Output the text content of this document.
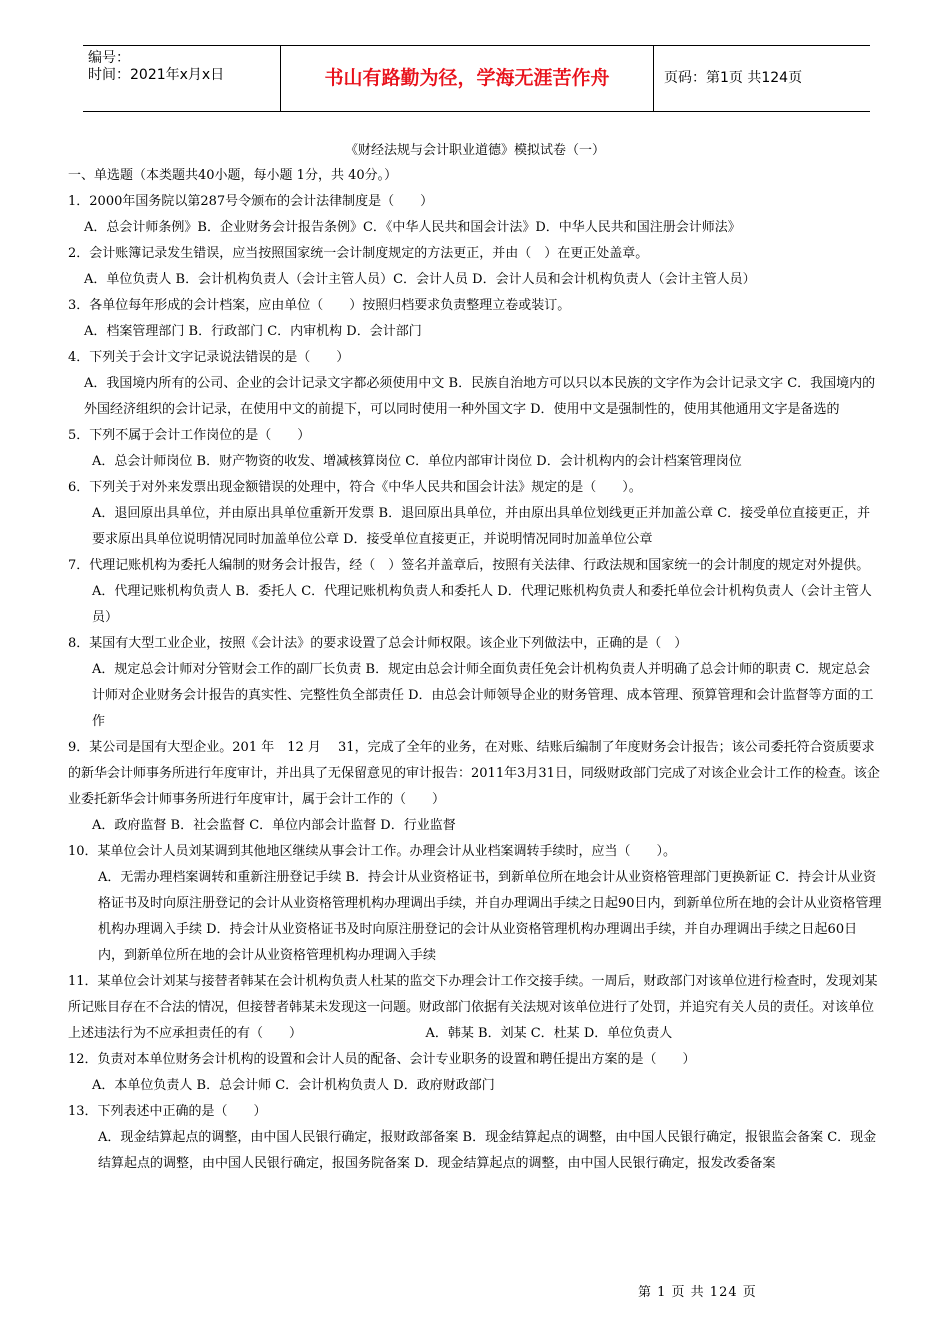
编号：
时间：2021年x月x日	书山有路勤为径，学海无涯苦作舟	页码：第1页 共124页
《财经法规与会计职业道德》模拟试卷（一）

一、单选题（本类题共40小题，每小题 1分，共 40分。）

1．2000年国务院以第287号令颁布的会计法律制度是（　　）

A．总会计师条例》B．企业财务会计报告条例》C．《中华人民共和国会计法》D．中华人民共和国注册会计师法》

2．会计账簿记录发生错误，应当按照国家统一会计制度规定的方法更正，并由（　）在更正处盖章。

A．单位负责人 B．会计机构负责人（会计主管人员）C．会计人员 D．会计人员和会计机构负责人（会计主管人员）

3．各单位每年形成的会计档案，应由单位（　　）按照归档要求负责整理立卷或装订。

A．档案管理部门 B．行政部门 C．内审机构 D．会计部门

4．下列关于会计文字记录说法错误的是（　　）

A．我国境内所有的公司、企业的会计记录文字都必须使用中文 B．民族自治地方可以只以本民族的文字作为会计记录文字 C．我国境内的外国经济组织的会计记录，在使用中文的前提下，可以同时使用一种外国文字 D．使用中文是强制性的，使用其他通用文字是备选的

5．下列不属于会计工作岗位的是（　　）

A．总会计师岗位 B．财产物资的收发、增减核算岗位 C．单位内部审计岗位 D．会计机构内的会计档案管理岗位

6．下列关于对外来发票出现金额错误的处理中，符合《中华人民共和国会计法》规定的是（　　）。

A．退回原出具单位，并由原出具单位重新开发票 B．退回原出具单位，并由原出具单位划线更正并加盖公章 C．接受单位直接更正，并要求原出具单位说明情况同时加盖单位公章 D．接受单位直接更正，并说明情况同时加盖单位公章

7．代理记账机构为委托人编制的财务会计报告，经（　）签名并盖章后，按照有关法律、行政法规和国家统一的会计制度的规定对外提供。

A．代理记账机构负责人 B．委托人 C．代理记账机构负责人和委托人 D．代理记账机构负责人和委托单位会计机构负责人（会计主管人员）

8．某国有大型工业企业，按照《会计法》的要求设置了总会计师权限。该企业下列做法中，正确的是（　）

A．规定总会计师对分管财会工作的副厂长负责 B．规定由总会计师全面负责任免会计机构负责人并明确了总会计师的职责 C．规定总会计师对企业财务会计报告的真实性、完整性负全部责任 D．由总会计师领导企业的财务管理、成本管理、预算管理和会计监督等方面的工作

9．某公司是国有大型企业。201 年　12 月　 31，完成了全年的业务，在对账、结账后编制了年度财务会计报告；该公司委托符合资质要求的新华会计师事务所进行年度审计，并出具了无保留意见的审计报告：2011年3月31日，同级财政部门完成了对该企业会计工作的检查。该企业委托新华会计师事务所进行年度审计，属于会计工作的（　　）

A．政府监督 B．社会监督 C．单位内部会计监督 D．行业监督

10．某单位会计人员刘某调到其他地区继续从事会计工作。办理会计从业档案调转手续时，应当（　　）。

A．无需办理档案调转和重新注册登记手续 B．持会计从业资格证书，到新单位所在地会计从业资格管理部门更换新证 C．持会计从业资格证书及时向原注册登记的会计从业资格管理机构办理调出手续，并自办理调出手续之日起90日内，到新单位所在地的会计从业资格管理机构办理调入手续 D．持会计从业资格证书及时向原注册登记的会计从业资格管理机构办理调出手续，并自办理调出手续之日起60日内，到新单位所在地的会计从业资格管理机构办理调入手续

11．某单位会计刘某与接替者韩某在会计机构负责人杜某的监交下办理会计工作交接手续。一周后，财政部门对该单位进行检查时，发现刘某所记账目存在不合法的情况，但接替者韩某未发现这一问题。财政部门依据有关法规对该单位进行了处罚，并追究有关人员的责任。对该单位上述违法行为不应承担责任的有（　　）　　　　　　　　　　	A．韩某 B．刘某 C．杜某 D．单位负责人

12．负责对本单位财务会计机构的设置和会计人员的配备、会计专业职务的设置和聘任提出方案的是（　　）

A．本单位负责人 B．总会计师 C．会计机构负责人 D．政府财政部门

13．下列表述中正确的是（　　）

A．现金结算起点的调整，由中国人民银行确定，报财政部备案 B．现金结算起点的调整，由中国人民银行确定，报银监会备案 C．现金结算起点的调整，由中国人民银行确定，报国务院备案 D．现金结算起点的调整，由中国人民银行确定，报发改委备案

第 1 页 共 124 页
